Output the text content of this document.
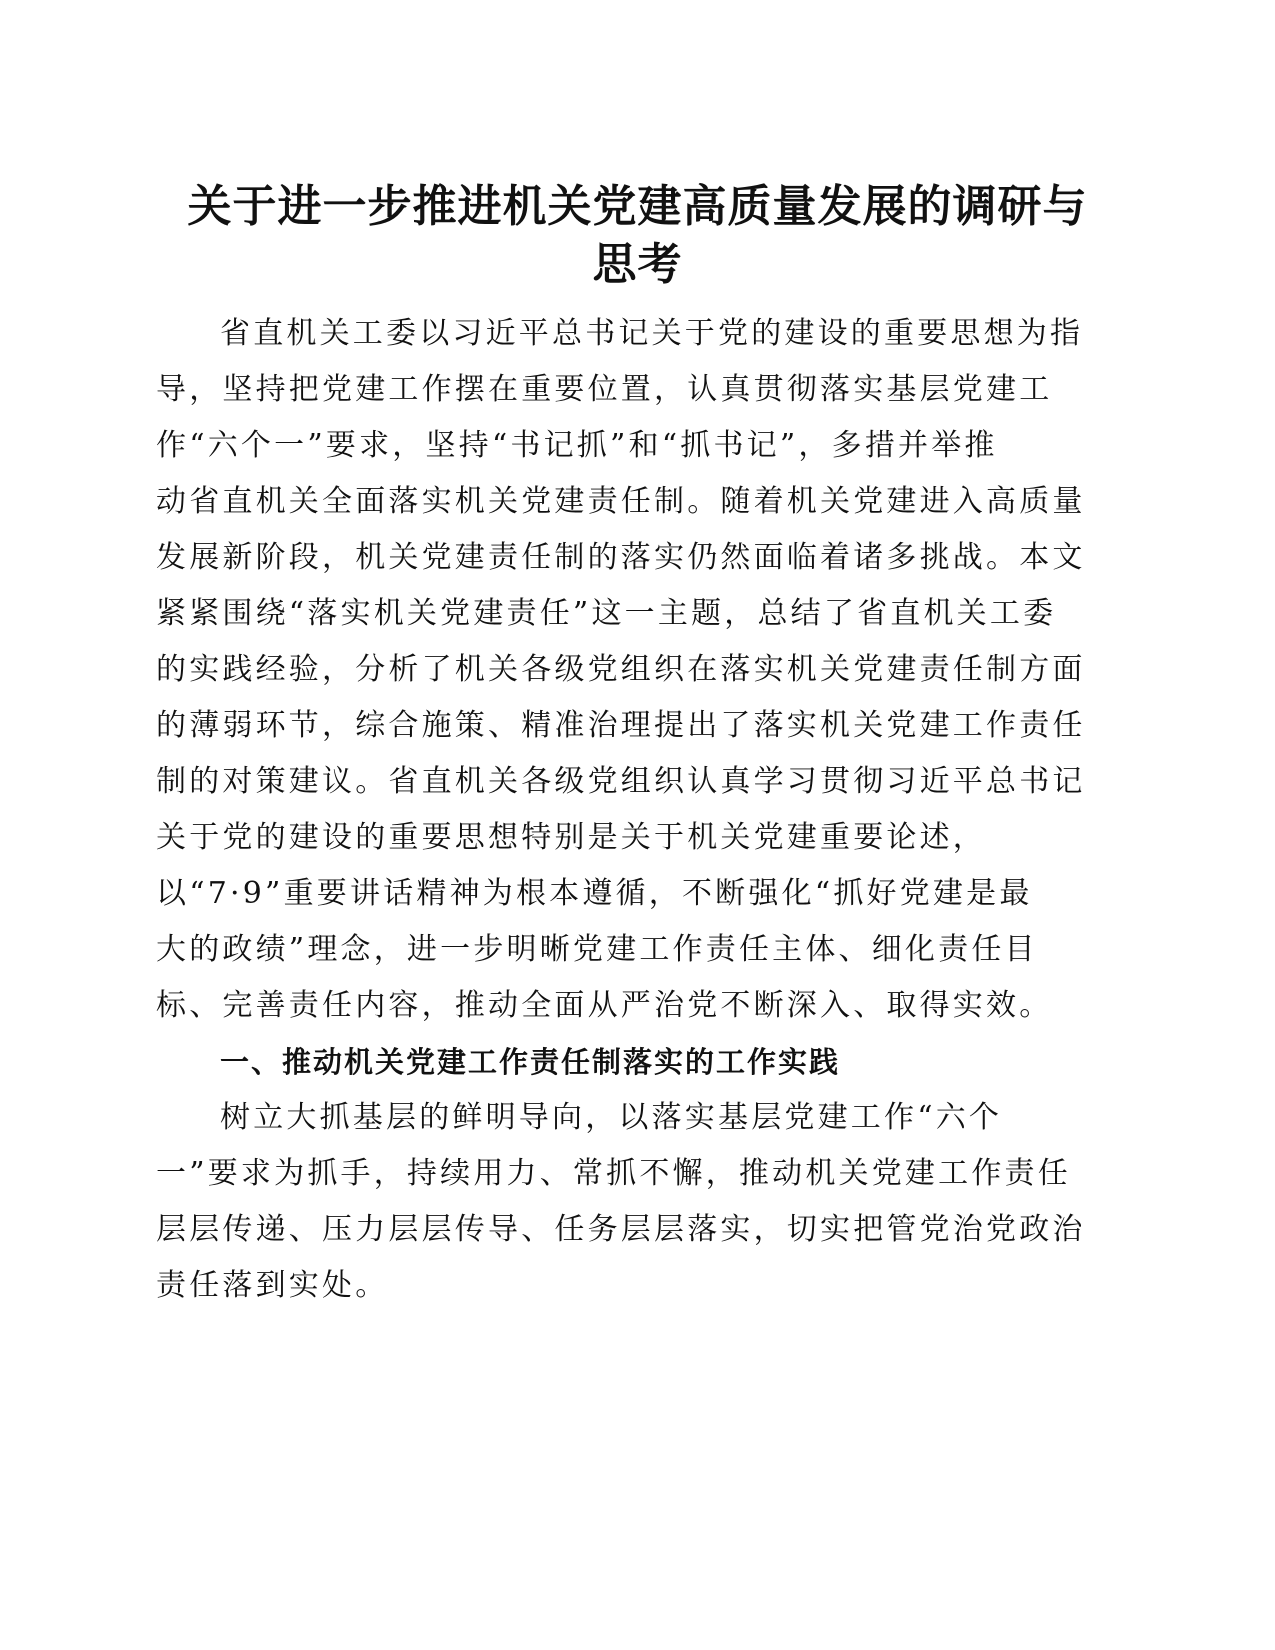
关于进一步推进机关党建高质量发展的调研与
思考
省直机关工委以习近平总书记关于党的建设的重要思想为指
导，坚持把党建工作摆在重要位置，认真贯彻落实基层党建工
作“六个一”要求，坚持“书记抓”和“抓书记”，多措并举推
动省直机关全面落实机关党建责任制。随着机关党建进入高质量
发展新阶段，机关党建责任制的落实仍然面临着诸多挑战。本文
紧紧围绕“落实机关党建责任”这一主题，总结了省直机关工委
的实践经验，分析了机关各级党组织在落实机关党建责任制方面
的薄弱环节，综合施策、精准治理提出了落实机关党建工作责任
制的对策建议。省直机关各级党组织认真学习贯彻习近平总书记
关于党的建设的重要思想特别是关于机关党建重要论述，
以“7·9”重要讲话精神为根本遵循，不断强化“抓好党建是最
大的政绩”理念，进一步明晰党建工作责任主体、细化责任目
标、完善责任内容，推动全面从严治党不断深入、取得实效。
一、推动机关党建工作责任制落实的工作实践
树立大抓基层的鲜明导向，以落实基层党建工作“六个
一”要求为抓手，持续用力、常抓不懈，推动机关党建工作责任
层层传递、压力层层传导、任务层层落实，切实把管党治党政治
责任落到实处。
